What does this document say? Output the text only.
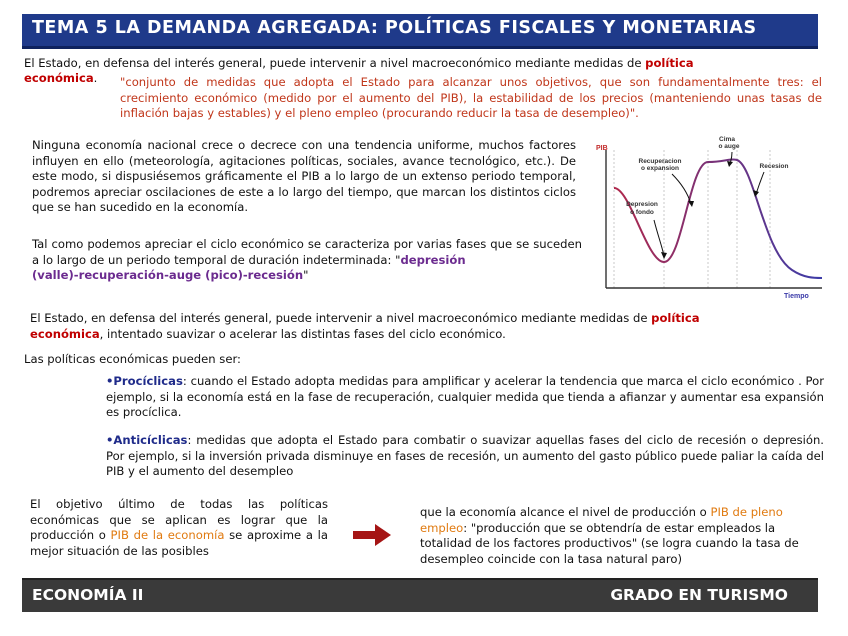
TEMA 5 LA DEMANDA AGREGADA: POLÍTICAS FISCALES Y MONETARIAS
El Estado, en defensa del interés general, puede intervenir a nivel macroeconómico mediante medidas de política
económica.	"conjunto de medidas que adopta el Estado para alcanzar unos objetivos, que son fundamentalmente tres: el crecimiento económico (medido por el aumento del PIB), la estabilidad de los precios (manteniendo unas tasas de inflación bajas y estables) y el pleno empleo (procurando reducir la tasa de desempleo)".
Ninguna economía nacional crece o decrece con una tendencia uniforme, muchos factores influyen en ello (meteorología, agitaciones políticas, sociales, avance tecnológico, etc.). De este modo, si dispusiésemos gráficamente el PIB a lo largo de un extenso periodo temporal, podremos apreciar oscilaciones de este a lo largo del tiempo, que marcan los distintos ciclos que se han sucedido en la economía.
Tal como podemos apreciar el ciclo económico se caracteriza por varias fases que se suceden a lo largo de un periodo temporal de duración indeterminada: "depresión
(valle)-recuperación-auge (pico)-recesión"
PIB
Tiempo
Cima
o auge
Recuperacion
o expansion	Recesion
Depresion
o fondo
El Estado, en defensa del interés general, puede intervenir a nivel macroeconómico mediante medidas de política
económica, intentado suavizar o acelerar las distintas fases del ciclo económico.
Las políticas económicas pueden ser:
•Procíclicas: cuando el Estado adopta medidas para amplificar y acelerar la tendencia que marca el ciclo económico . Por ejemplo, si la economía está en la fase de recuperación, cualquier medida que tienda a afianzar y aumentar esa expansión es procíclica.
•Anticíclicas: medidas que adopta el Estado para combatir o suavizar aquellas fases del ciclo de recesión o depresión. Por ejemplo, si la inversión privada disminuye en fases de recesión, un aumento del gasto público puede paliar la caída del PIB y el aumento del desempleo
El objetivo último de todas las políticas económicas que se aplican es lograr que la producción o PIB de la economía se aproxime a la mejor situación de las posibles
que la economía alcance el nivel de producción o PIB de pleno empleo: "producción que se obtendría de estar empleados la totalidad de los factores productivos" (se logra cuando la tasa de desempleo coincide con la tasa natural paro)
ECONOMÍA II	GRADO EN TURISMO
